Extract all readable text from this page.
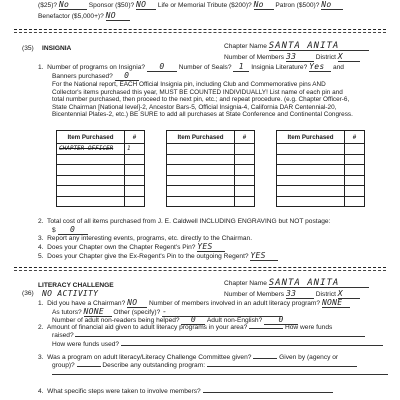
($25)? No	Sponsor ($50)? NO Life or Memorial Tribute ($200)? No Patron ($500)? No
Benefactor ($5,000+)? NO
(35) INSIGNIA	Chapter Name SANTA ANITA
Number of Members 33	District X
1. Number of programs on Insignia? 0 Number of Seals? 1 Insignia Literature? Yes and
Banners purchased? 0
For the National report, EACH Official Insignia pin, including Club and Commemorative pins AND
Collector's items purchased this year, MUST BE COUNTED INDIVIDUALLY! List name of each pin and
total number purchased, then proceed to the next pin, etc.; and repeat procedure. (e.g. Chapter Officer-6,
State Chairman [National level]-2, Ancestor Bars-5, Official Insignia-4, California DAR Centennial-20,
Bicentennial Plates-2, etc.) BE SURE to add all purchases at State Conference and Continental Congress.
Item Purchased	#
CHAPTER OFFICER	1

Item Purchased	#

		Item Purchased	#

2. Total cost of all items purchased from J. E. Caldwell INCLUDING ENGRAVING but NOT postage:
$ 0
3. Report any interesting events, programs, etc. directly to the Chairman.
4. Does your Chapter own the Chapter Regent's Pin? YES
5. Does your Chapter give the Ex-Regent's Pin to the outgoing Regent? YES
LITERACY CHALLENGE
(36) NO ACTIVITY
Chapter Name SANTA ANITA
Number of Members 33	District X
1. Did you have a Chairman? NO Number of members involved in an adult literacy program? NONE
As tutors? NONE Other (specify)? -
Number of adult non-readers being helped? 0 Adult non-English? 0
2. Amount of financial aid given to adult literacy programs in your area?	How were funds
raised?
How were funds used?
3. Was a program on adult literacy/Literacy Challenge Committee given?	Given by (agency or
group)?	Describe any outstanding program:
4. What specific steps were taken to involve members?
